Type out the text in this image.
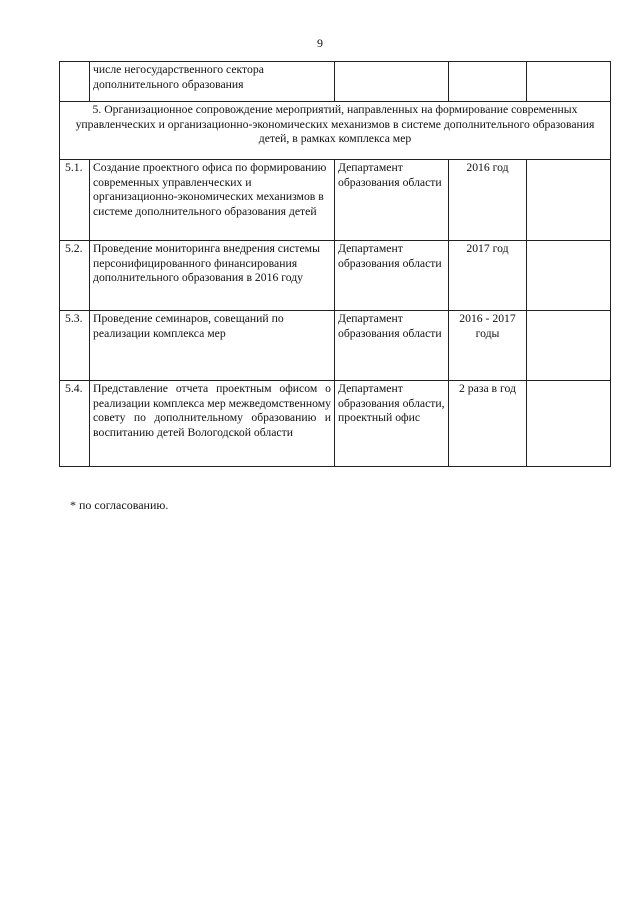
9
	числе негосударственного сектора дополнительного образования			
5. Организационное сопровождение мероприятий, направленных на формирование современных управленческих и организационно-экономических механизмов в системе дополнительного образования детей, в рамках комплекса мер				
5.1.	Создание проектного офиса по формированию современных управленческих и организационно-экономических механизмов в системе дополнительного образования детей	Департамент образования области	2016 год	
5.2.	Проведение мониторинга внедрения системы персонифицированного финансирования дополнительного образования в 2016 году	Департамент образования области	2017 год	
5.3.	Проведение семинаров, совещаний по реализации комплекса мер	Департамент образования области	2016 - 2017 годы	
5.4.	Представление отчета проектным офисом о реализации комплекса мер межведомственному совету по дополнительному образованию и воспитанию детей Вологодской области	Департамент образования области, проектный офис	2 раза в год	
* по согласованию.
